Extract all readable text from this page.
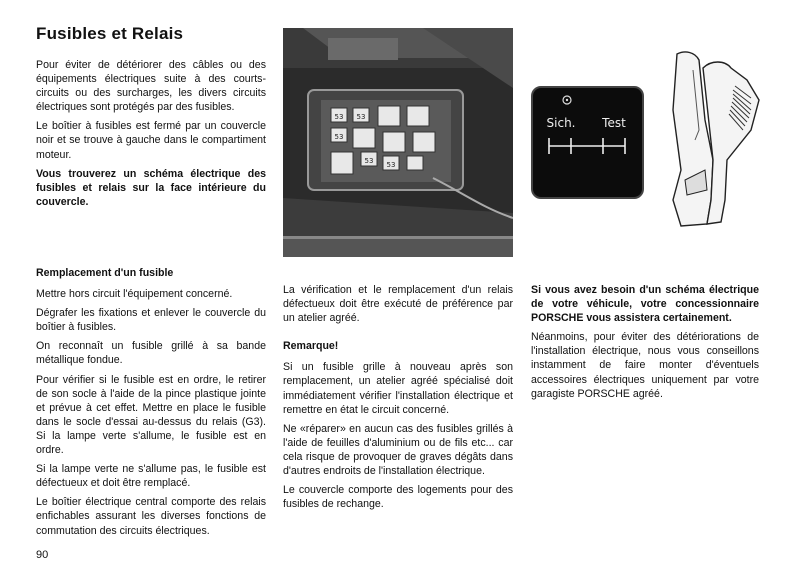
Fusibles et Relais

Pour éviter de détériorer des câbles ou des équipements électriques suite à des courts-circuits ou des surcharges, les divers circuits électriques sont protégés par des fusibles.

Le boîtier à fusibles est fermé par un couvercle noir et se trouve à gauche dans le compartiment moteur.

Vous trouverez un schéma électrique des fusibles et relais sur la face intérieure du couvercle.

53 53
53
53 53
Sich. Test
Remplacement d'un fusible

Mettre hors circuit l'équipement concerné.

Dégrafer les fixations et enlever le couvercle du boîtier à fusibles.

On reconnaît un fusible grillé à sa bande métallique fondue.

Pour vérifier si le fusible est en ordre, le retirer de son socle à l'aide de la pince plastique jointe et prévue à cet effet. Mettre en place le fusible dans le socle d'essai au-dessus du relais (G3). Si la lampe verte s'allume, le fusible est en ordre.

Si la lampe verte ne s'allume pas, le fusible est défectueux et doit être remplacé.

Le boîtier électrique central comporte des relais enfichables assurant les diverses fonctions de commutation des circuits électriques.

La vérification et le remplacement d'un relais défectueux doit être exécuté de préférence par un atelier agréé.

Remarque!

Si un fusible grille à nouveau après son remplacement, un atelier agréé spécialisé doit immédiatement vérifier l'installation électrique et remettre en état le circuit concerné.

Ne «réparer» en aucun cas des fusibles grillés à l'aide de feuilles d'aluminium ou de fils etc... car cela risque de provoquer de graves dégâts dans d'autres endroits de l'installation électrique.

Le couvercle comporte des logements pour des fusibles de rechange.

Si vous avez besoin d'un schéma électrique de votre véhicule, votre concessionnaire PORSCHE vous assistera certainement.

Néanmoins, pour éviter des détériorations de l'installation électrique, nous vous conseillons instamment de faire monter d'éventuels accessoires électriques uniquement par votre garagiste PORSCHE agréé.

90
